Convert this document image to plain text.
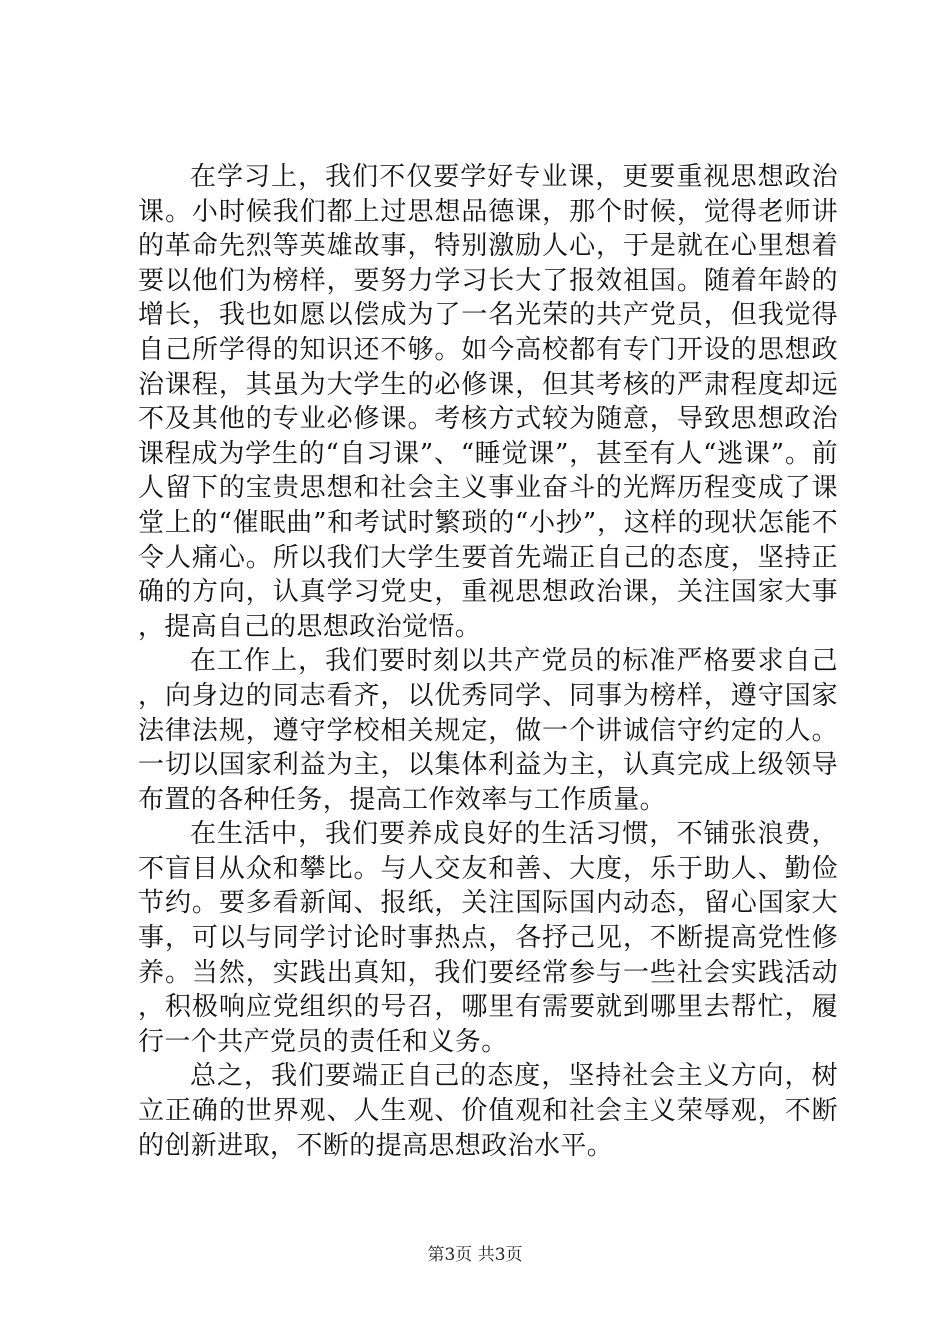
在学习上，我们不仅要学好专业课，更要重视思想政治课。小时候我们都上过思想品德课，那个时候，觉得老师讲的革命先烈等英雄故事，特别激励人心，于是就在心里想着要以他们为榜样，要努力学习长大了报效祖国。随着年龄的增长，我也如愿以偿成为了一名光荣的共产党员，但我觉得自己所学得的知识还不够。如今高校都有专门开设的思想政治课程，其虽为大学生的必修课，但其考核的严肃程度却远不及其他的专业必修课。考核方式较为随意，导致思想政治课程成为学生的“自习课”、“睡觉课”，甚至有人“逃课”。前人留下的宝贵思想和社会主义事业奋斗的光辉历程变成了课堂上的“催眠曲”和考试时繁琐的“小抄”，这样的现状怎能不令人痛心。所以我们大学生要首先端正自己的态度，坚持正确的方向，认真学习党史，重视思想政治课，关注国家大事，提高自己的思想政治觉悟。

在工作上，我们要时刻以共产党员的标准严格要求自己，向身边的同志看齐，以优秀同学、同事为榜样，遵守国家法律法规，遵守学校相关规定，做一个讲诚信守约定的人。一切以国家利益为主，以集体利益为主，认真完成上级领导布置的各种任务，提高工作效率与工作质量。

在生活中，我们要养成良好的生活习惯，不铺张浪费，不盲目从众和攀比。与人交友和善、大度，乐于助人、勤俭节约。要多看新闻、报纸，关注国际国内动态，留心国家大事，可以与同学讨论时事热点，各抒己见，不断提高党性修养。当然，实践出真知，我们要经常参与一些社会实践活动，积极响应党组织的号召，哪里有需要就到哪里去帮忙，履行一个共产党员的责任和义务。

总之，我们要端正自己的态度，坚持社会主义方向，树立正确的世界观、人生观、价值观和社会主义荣辱观，不断的创新进取，不断的提高思想政治水平。

第3页 共3页
